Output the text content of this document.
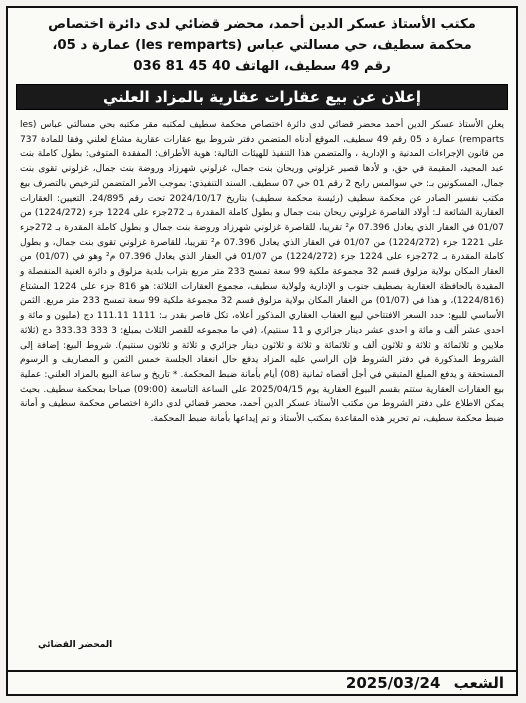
مكتب الأستاذ عسكر الدين أحمد، محضر قضائي لدى دائرة اختصاص
محكمة سطيف، حي مسالتي عباس (les remparts) عمارة د 05،
رقم 49 سطيف، الهاتف 40 45 81 036
إعلان عن بيع عقارات عقارية بالمزاد العلني

يعلن الأستاذ عسكر الدين أحمد محضر قضائي لدى دائرة اختصاص محكمة سطيف لمكتبه مقر مكتبه بحي مسالتي عباس (les remparts) عمارة د 05 رقم 49 سطيف، الموقع أدناه المتضمن دفتر شروط بيع عقارات عقارية مشاع لعلني وفقا للمادة 737 من قانون الإجراءات المدنية و الإدارية ، والمتضمن هذا التنفيذ للهيئات التالية: هوية الأطراف: المفقدة المتوفى: بطول كاملة بنت عبد المجيد، المقيمة في حق، و لأدها قصير غزلوني وريحان بنت جمال، غزلوني شهرزاد وروضة بنت جمال، غزلوني تقوى بنت جمال، المسكونين بـ: حي سوالمس رابح 2 رقم 01 حي 07 سطيف. السند التنفيذي: بموجب الأمر المتضمن لترخيص بالتصرف بيع مكتب نفسير الصادر عن محكمة سطيف (رئيسة محكمة سطيف) بتاريخ 2024/10/17 تحت رقم 24/895. التعيين: العقارات العقارية الشائعة لـ: أولاد القاصرة غزلوني ريحان بنت جمال و بطول كاملة المقدرة بـ 272جزء على 1224 جزء (1224/272) من 01/07 في العقار الذي يعادل 07.396 م² تقريبا، للقاصرة غزلوني شهرزاد وروضة بنت جمال و بطول كاملة المقدرة بـ 272جزء على 1221 جزء (1224/272) من 01/07 في العقار الذي يعادل 07.396 م² تقريبا، للقاصرة غزلوني تقوى بنت جمال، و بطول كاملة المقدرة بـ 272جزء على 1224 جزء (1224/272) من 01/07 في العقار الذي يعادل 07.396 م² وهو في (01/07) من العقار المكان بولاية مزلوق قسم 32 مجموعة ملكية 99 سعة تمسح 233 متر مربع بتراب بلدية مزلوق و دائرة الغنية المنفصلة و المقيدة بالحافظة العقارية بصطيف جنوب و الإدارية ولولاية سطيف، مجموع العقارات الثلاثة: هو 816 جزء على 1224 المشتاع (1224/816)، و هذا في (01/07) من العقار المكان بولاية مزلوق قسم 32 مجموعة ملكية 99 سعة تمسح 233 متر مربع. الثمن الأساسي للبيع: حدد السعر الافتتاحي لبيع العقاب العقاري المذكور أعلاه، تكل قاصر بقدر بـ: 1111 111.11 دج (مليون و مائة و احدى عشر ألف و مائة و احدى عشر دينار جزائري و 11 سنتيم)، (في ما مجموعه للقصر الثلاث بمبلغ: 3 333 333.33 دج (ثلاثة ملايين و ثلاثمائة و ثلاثة و ثلاثون ألف و ثلاثمائة و ثلاثة و ثلاثون دينار جزائري و ثلاثة و ثلاثون سنتيم). شروط البيع: إضافة إلى الشروط المذكورة في دفتر الشروط فإن الراسي عليه المزاد يدفع حال انعقاد الجلسة خمس الثمن و المصاريف و الرسوم المستحقة و يدفع المبلغ المتبقي في أجل أقصاه ثمانية (08) أيام بأمانة ضبط المحكمة. * تاريخ و ساعة البيع بالمزاد العلني: عملية بيع العقارات العقارية ستتم بقسم البيوع العقارية يوم 2025/04/15 على الساعة التاسعة (09:00) صباحا بمحكمة سطيف. بحيث يمكن الاطلاع على دفتر الشروط من مكتب الأستاذ عسكر الدين أحمد، محضر قضائي لدى دائرة اختصاص محكمة سطيف و أمانة ضبط محكمة سطيف، تم تحرير هذه المقاعدة بمكتب الأستاذ و تم إيداعها بأمانة ضبط المحكمة.

المحضر القضائي
الشعب 2025/03/24
